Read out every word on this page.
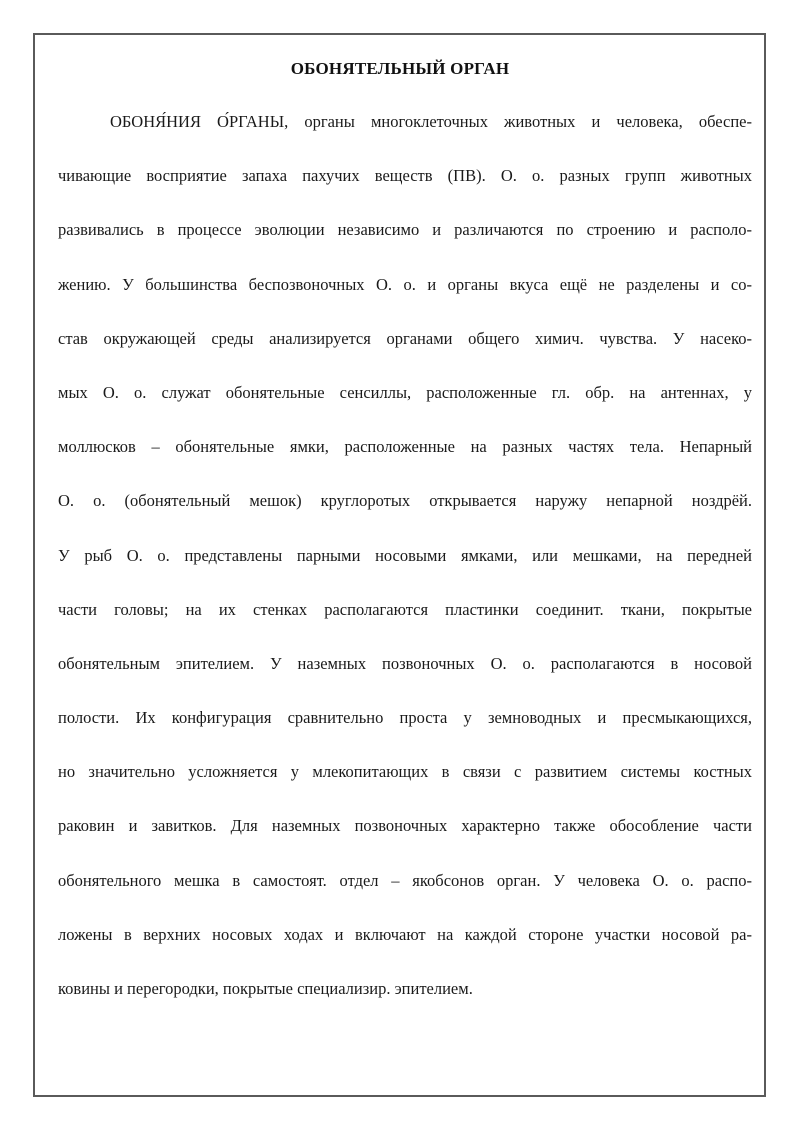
ОБОНЯТЕЛЬНЫЙ ОРГАН
ОБОНЯ́НИЯ О́РГАНЫ, органы многоклеточных животных и человека, обеспе-
чивающие восприятие запаха пахучих веществ (ПВ). О. о. разных групп животных
развивались в процессе эволюции независимо и различаются по строению и располо-
жению. У большинства беспозвоночных О. о. и органы вкуса ещё не разделены и со-
став окружающей среды анализируется органами общего химич. чувства. У насеко-
мых О. о. служат обонятельные сенсиллы, расположенные гл. обр. на антеннах, у
моллюсков – обонятельные ямки, расположенные на разных частях тела. Непарный
О. о. (обонятельный мешок) круглоротых открывается наружу непарной ноздрёй.
У рыб О. о. представлены парными носовыми ямками, или мешками, на передней
части головы; на их стенках располагаются пластинки соединит. ткани, покрытые
обонятельным эпителием. У наземных позвоночных О. о. располагаются в носовой
полости. Их конфигурация сравнительно проста у земноводных и пресмыкающихся,
но значительно усложняется у млекопитающих в связи с развитием системы костных
раковин и завитков. Для наземных позвоночных характерно также обособление части
обонятельного мешка в самостоят. отдел – якобсонов орган. У человека О. о. распо-
ложены в верхних носовых ходах и включают на каждой стороне участки носовой ра-
ковины и перегородки, покрытые специализир. эпителием.
